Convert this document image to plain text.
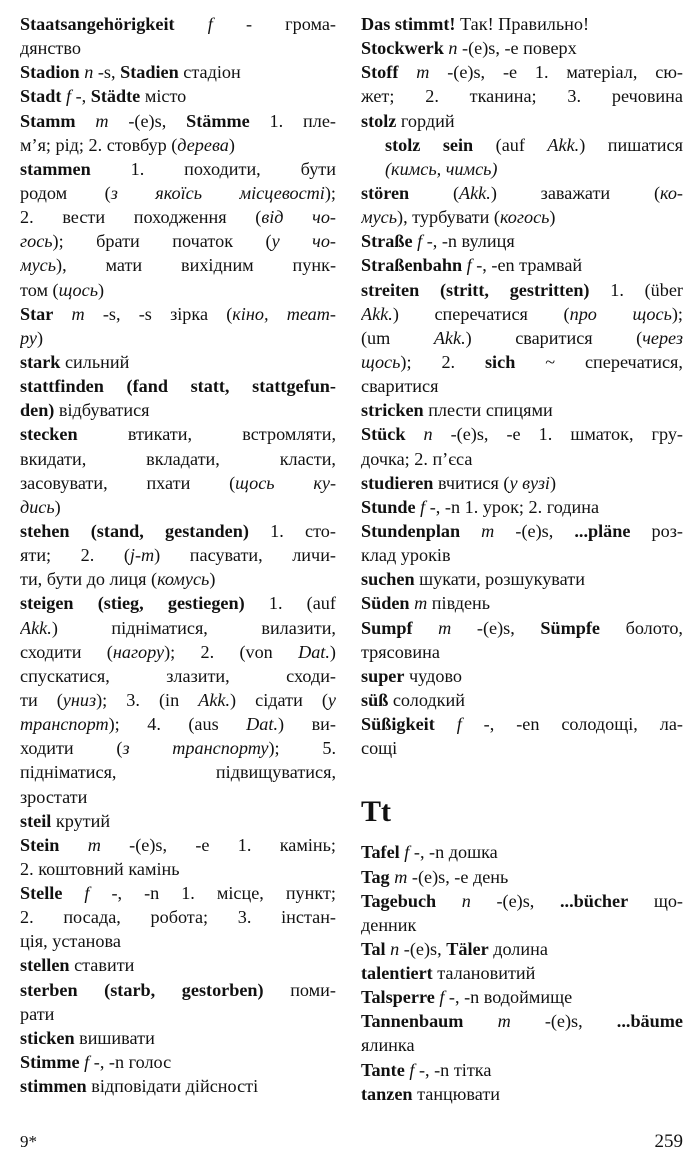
Staatsangehörigkeit f - грома-
дянство
Stadion
n -s, Stadien стадіон
Stadt
f -, Städte місто
Stamm m -(e)s, Stämme 1. пле-
м’я; рід; 2. стовбур ( дерева )
stammen 1. походити, бути
родом (з якоїсь місцевості);
2. вести походження (від чо-
гось); брати початок (у чо-
мусь), мати вихідним пунк-
том ( щось )
Star m -s, -s зірка (кіно, теат-
ру )
stark сильний
stattfinden (fand statt, stattgefun-
den) відбуватися
stecken	втикати,	встромляти,
вкидати,	вкладати,	класти,
засовувати, пхати (щось ку-
дись )
stehen (stand, gestanden) 1. сто-
яти; 2. (j-m) пасувати, личи-
ти, бути до лиця ( комусь )
steigen (stieg, gestiegen) 1. (auf
Akk.)	підніматися,	вилазити,
сходити (нагору); 2. (von Dat.)
спускатися,	злазити,	сходи-
ти (униз); 3. (in Akk.) сідати (у
транспорт); 4. (aus Dat.) ви-
ходити (з транспорту); 5.
підніматися,	підвищуватися,
зростати
steil крутий
Stein m -(e)s, -e 1. камінь;
2. коштовний камінь
Stelle f -, -n 1. місце, пункт;
2. посада, робота; 3. інстан-
ція, установа
stellen ставити
sterben (starb, gestorben) поми-
рати
sticken вишивати
Stimme
f -, -n голос
stimmen відповідати дійсності
Das stimmt! Так! Правильно!
Stockwerk
n -(e)s, -e поверх
Stoff m -(e)s, -e 1. матеріал, сю-
жет; 2. тканина; 3. речовина
stolz гордий
stolz sein (auf Akk.) пишатися
(кимсь, чимсь)
stören (Akk.) заважати (ко-
мусь ), турбувати ( когось )
Straße
f -, -n вулиця
Straßenbahn
f -, -en трамвай
streiten (stritt, gestritten) 1. (über
Akk.) сперечатися (про щось);
(um Akk.) сваритися (через
щось); 2. sich ~ сперечатися,
сваритися
stricken плести спицями
Stück n -(e)s, -e 1. шматок, гру-
дочка; 2. п’єса
studieren вчитися ( у вузі )
Stunde
f -, -n 1. урок; 2. година
Stundenplan m -(e)s, ...pläne роз-
клад уроків
suchen шукати, розшукувати
Süden
m південь
Sumpf m -(e)s, Sümpfe болото,
трясовина
super чудово
süß солодкий
Süßigkeit f -, -en солодощі, ла-
сощі
Tt
Tafel
f -, -n дошка
Tag
m -(e)s, -e день
Tagebuch n -(e)s, ...bücher що-
денник
Tal
n -(e)s, Täler долина
talentiert талановитий
Talsperre
f -, -n водоймище
Tannenbaum m -(e)s, ...bäume
ялинка
Tante
f -, -n тітка
tanzen танцювати
9*	259
